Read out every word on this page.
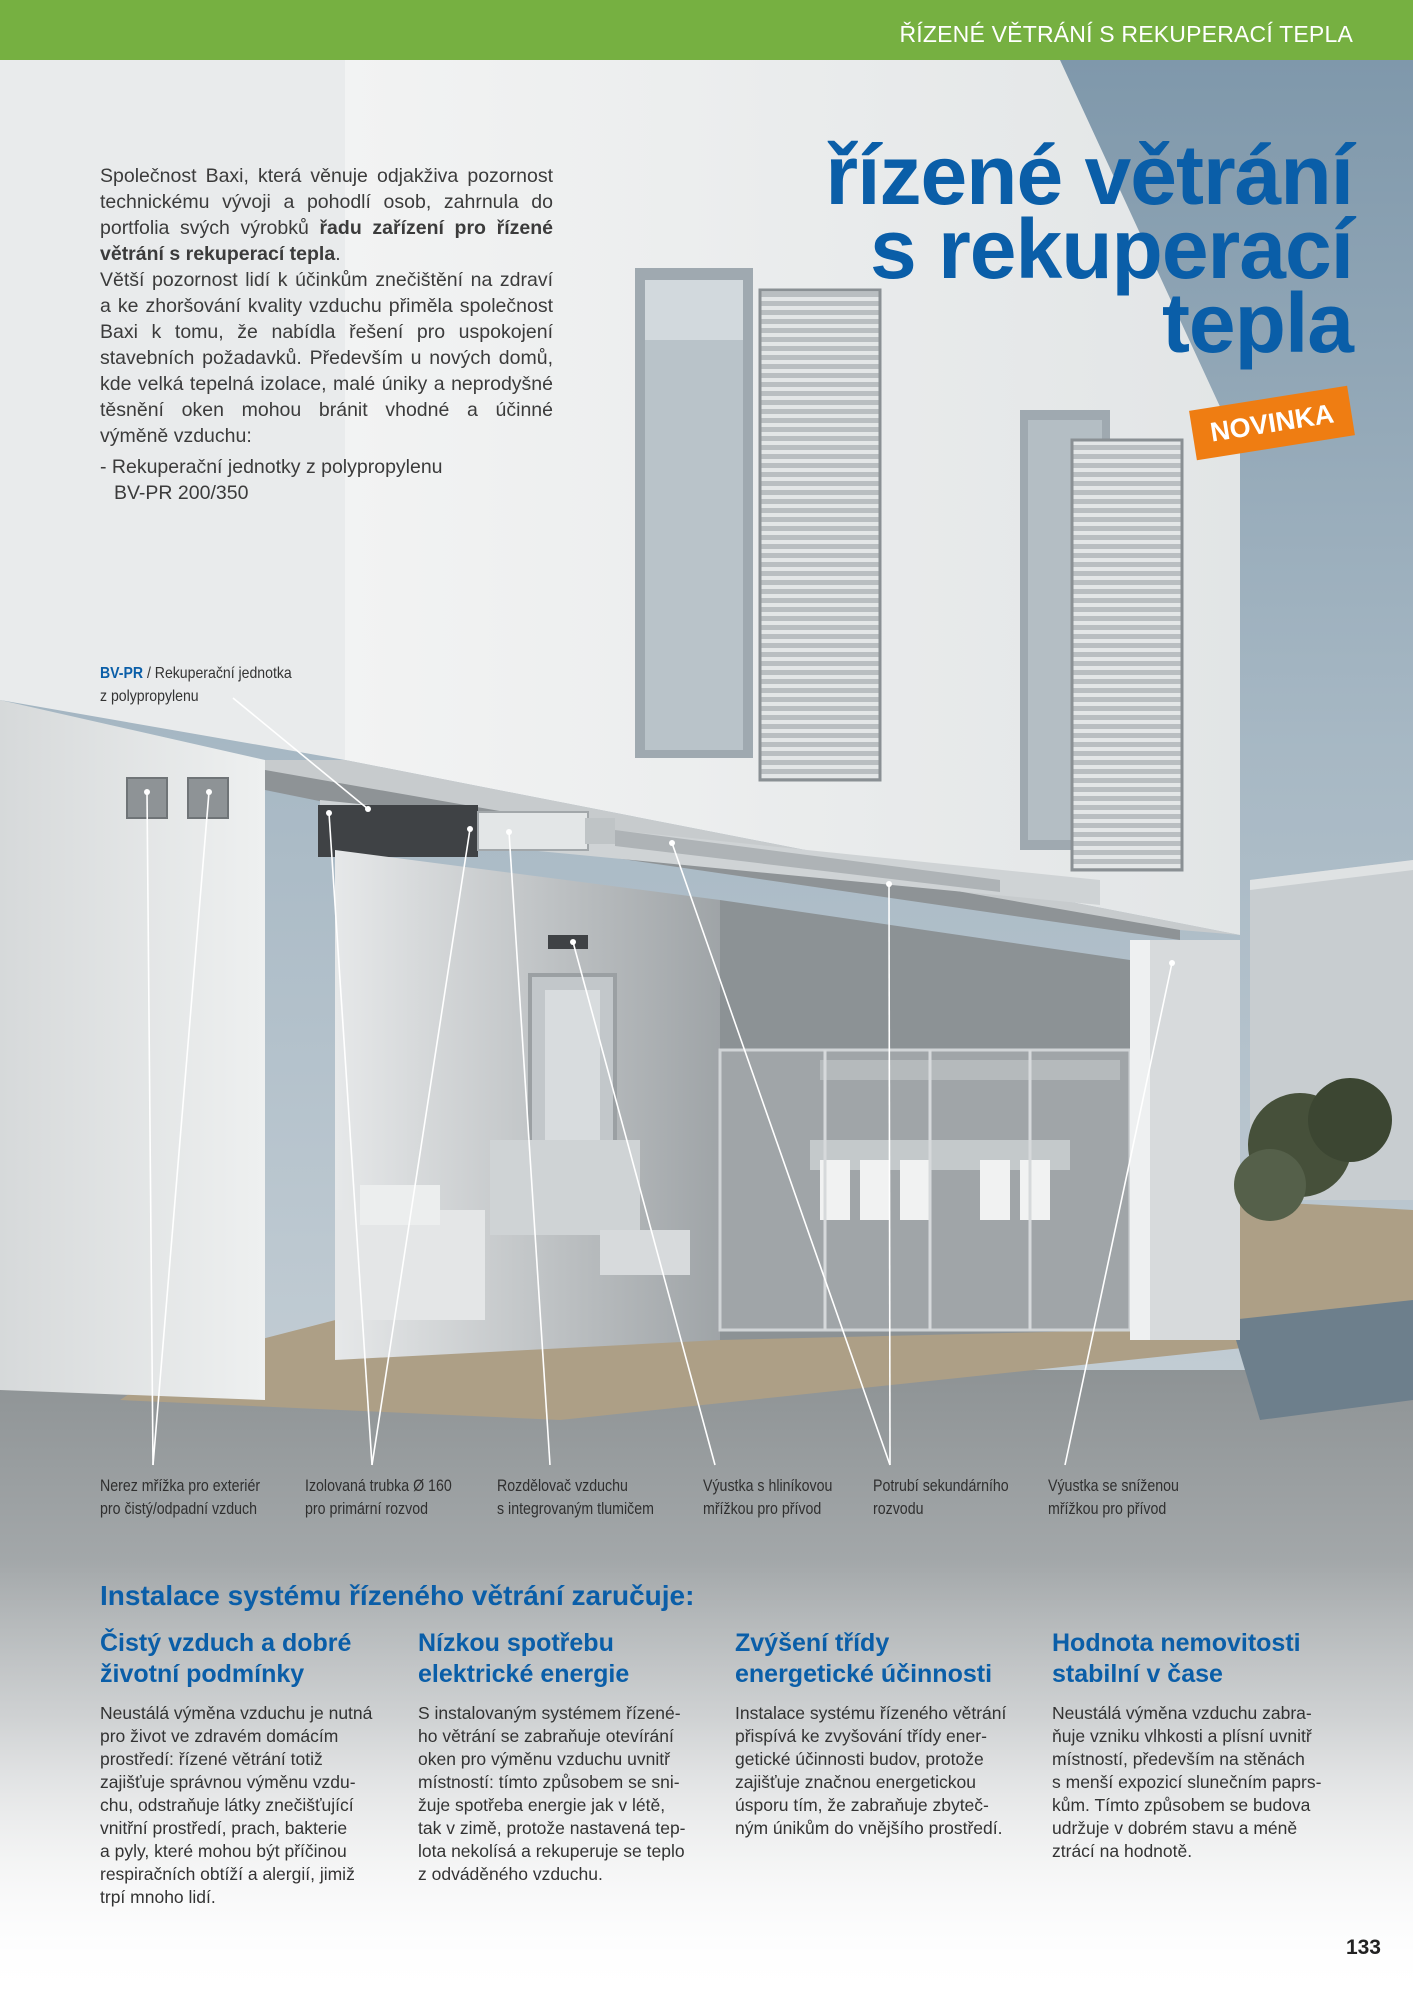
ŘÍZENÉ VĚTRÁNÍ S REKUPERACÍ TEPLA

Společnost Baxi, která věnuje odjakživa pozornost technickému vývoji a pohodlí osob, zahrnula do portfolia svých výrobků řadu zařízení pro řízené větrání s rekuperací tepla.

Větší pozornost lidí k účinkům znečištění na zdraví a ke zhoršování kvality vzduchu přiměla společnost Baxi k tomu, že nabídla řešení pro uspokojení stavebních požadavků. Především u nových domů, kde velká tepelná izolace, malé úniky a neprodyšné těsnění oken mohou bránit vhodné a účinné výměně vzduchu:

- Rekuperační jednotky z polypropylenu
BV-PR 200/350

řízené větrání
s rekuperací
tepla
NOVINKA
BV-PR / Rekuperační jednotka
z polypropylenu
Nerez mřížka pro exteriér
pro čistý/odpadní vzduch
Izolovaná trubka Ø 160
pro primární rozvod
Rozdělovač vzduchu
s integrovaným tlumičem
Výustka s hliníkovou
mřížkou pro přívod
Potrubí sekundárního
rozvodu
Výustka se sníženou
mřížkou pro přívod
Instalace systému řízeného větrání zaručuje:
Čistý vzduch a dobré
životní podmínky

Neustálá výměna vzduchu je nutná
pro život ve zdravém domácím
prostředí: řízené větrání totiž
zajišťuje správnou výměnu vzdu-
chu, odstraňuje látky znečišťující
vnitřní prostředí, prach, bakterie
a pyly, které mohou být příčinou
respiračních obtíží a alergií, jimiž
trpí mnoho lidí.

Nízkou spotřebu
elektrické energie

S instalovaným systémem řízené-
ho větrání se zabraňuje otevírání
oken pro výměnu vzduchu uvnitř
místností: tímto způsobem se sni-
žuje spotřeba energie jak v létě,
tak v zimě, protože nastavená tep-
lota nekolísá a rekuperuje se teplo
z odváděného vzduchu.

Zvýšení třídy
energetické účinnosti

Instalace systému řízeného větrání
přispívá ke zvyšování třídy ener-
getické účinnosti budov, protože
zajišťuje značnou energetickou
úsporu tím, že zabraňuje zbyteč-
ným únikům do vnějšího prostředí.

Hodnota nemovitosti
stabilní v čase

Neustálá výměna vzduchu zabra-
ňuje vzniku vlhkosti a plísní uvnitř
místností, především na stěnách
s menší expozicí slunečním paprs-
kům. Tímto způsobem se budova
udržuje v dobrém stavu a méně
ztrácí na hodnotě.

133
